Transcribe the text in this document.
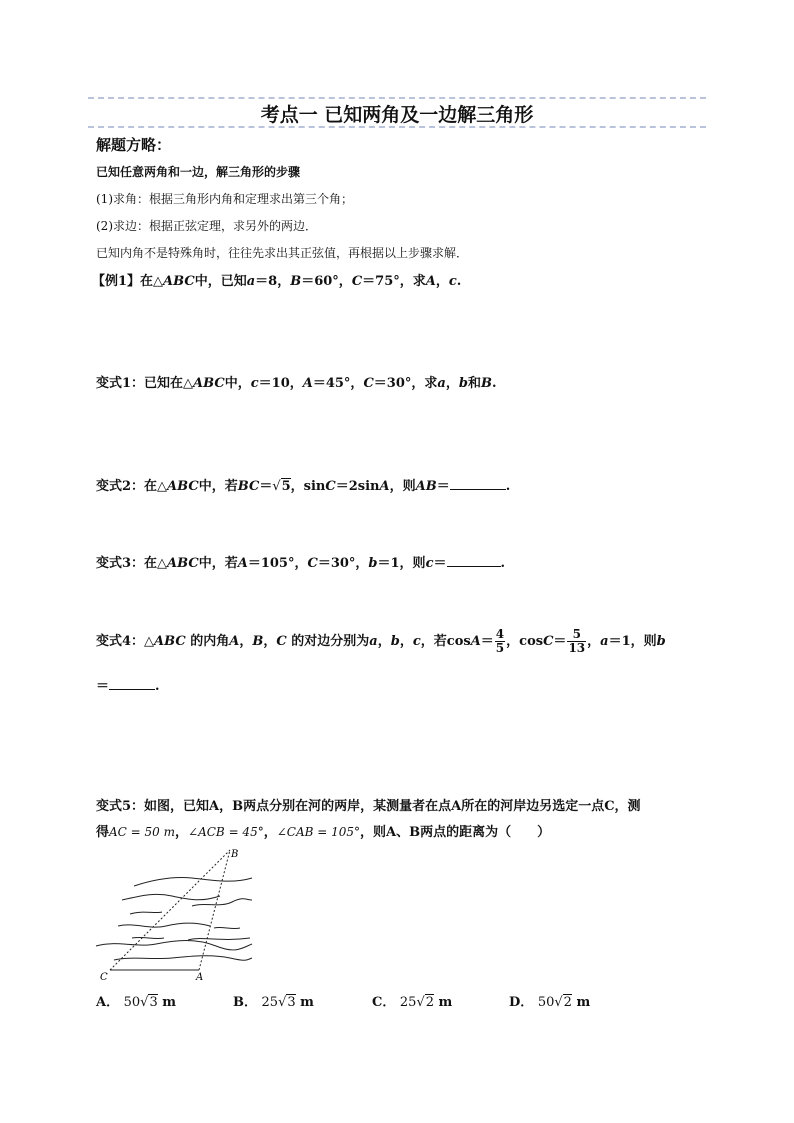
考点一 已知两角及一边解三角形
解题方略：
已知任意两角和一边，解三角形的步骤
(1)求角：根据三角形内角和定理求出第三个角；
(2)求边：根据正弦定理，求另外的两边．
已知内角不是特殊角时，往往先求出其正弦值，再根据以上步骤求解．
【例1】在△ABC中，已知a＝8，B＝60°，C＝75°，求A，c.
变式1：已知在△ABC中，c＝10，A＝45°，C＝30°，求a，b和B.
变式2：在△ABC中，若BC＝√5，sinC＝2sinA，则AB＝	.
变式3：在△ABC中，若A＝105°，C＝30°，b＝1，则c＝	.
变式4：△ABC 的内角A，B，C 的对边分别为a，b，c，若$\cos A= \frac{4}{5}$ ，$\cos C= \frac{5}{13}$ ，a＝1，则b
＝	.
变式5：如图，已知A，B两点分别在河的两岸，某测量者在点A所在的河岸边另选定一点C，测
得AC = 50 m，∠ACB = 45°，∠CAB = 105°，则A、B两点的距离为（　　）
B
C	A
A． 50√3 m	B． 25√3 m	C． 25√2 m	D． 50√2 m
